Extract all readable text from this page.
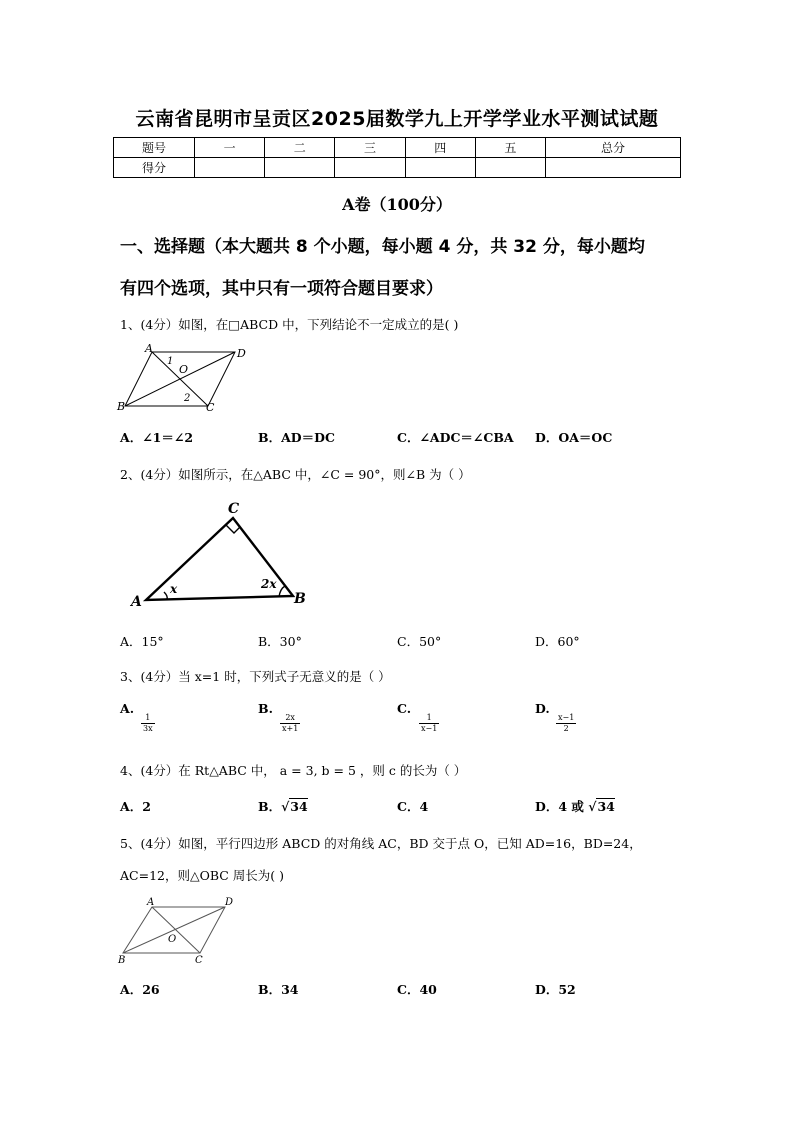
云南省昆明市呈贡区2025届数学九上开学学业水平测试试题
题号	一	二	三	四	五	总分
得分						
A卷（100分）
一、选择题（本大题共 8 个小题，每小题 4 分，共 32 分，每小题均
有四个选项，其中只有一项符合题目要求）
1、(4分）如图，在□ABCD 中，下列结论不一定成立的是( )
A	D
B	C
O
1
2
A．∠1＝∠2	B．AD＝DC	C．∠ADC＝∠CBA D．OA＝OC
2、(4分）如图所示，在△ABC 中，∠C = 90°，则∠B 为（ ）
C
A	B
x	2x
A．15°	B．30°	C．50°	D．60°
3、(4分）当 x=1 时，下列式子无意义的是（ ）
A.
$\frac{1}{3x}$
B.
$\frac{2x}{x+1}$
C.
$\frac{1}{x-1}$
D.
$\frac{x-1}{2}$
4、(4分）在 Rt△ABC 中， a = 3, b = 5 ，则 c 的长为（ ）
A．2	B．√34	C．4	D．4 或 √34
5、(4分）如图，平行四边形 ABCD 的对角线 AC，BD 交于点 O，已知 AD=16，BD=24，
AC=12，则△OBC 周长为( )
A	D
B	C
O
A．26	B．34	C．40	D．52
